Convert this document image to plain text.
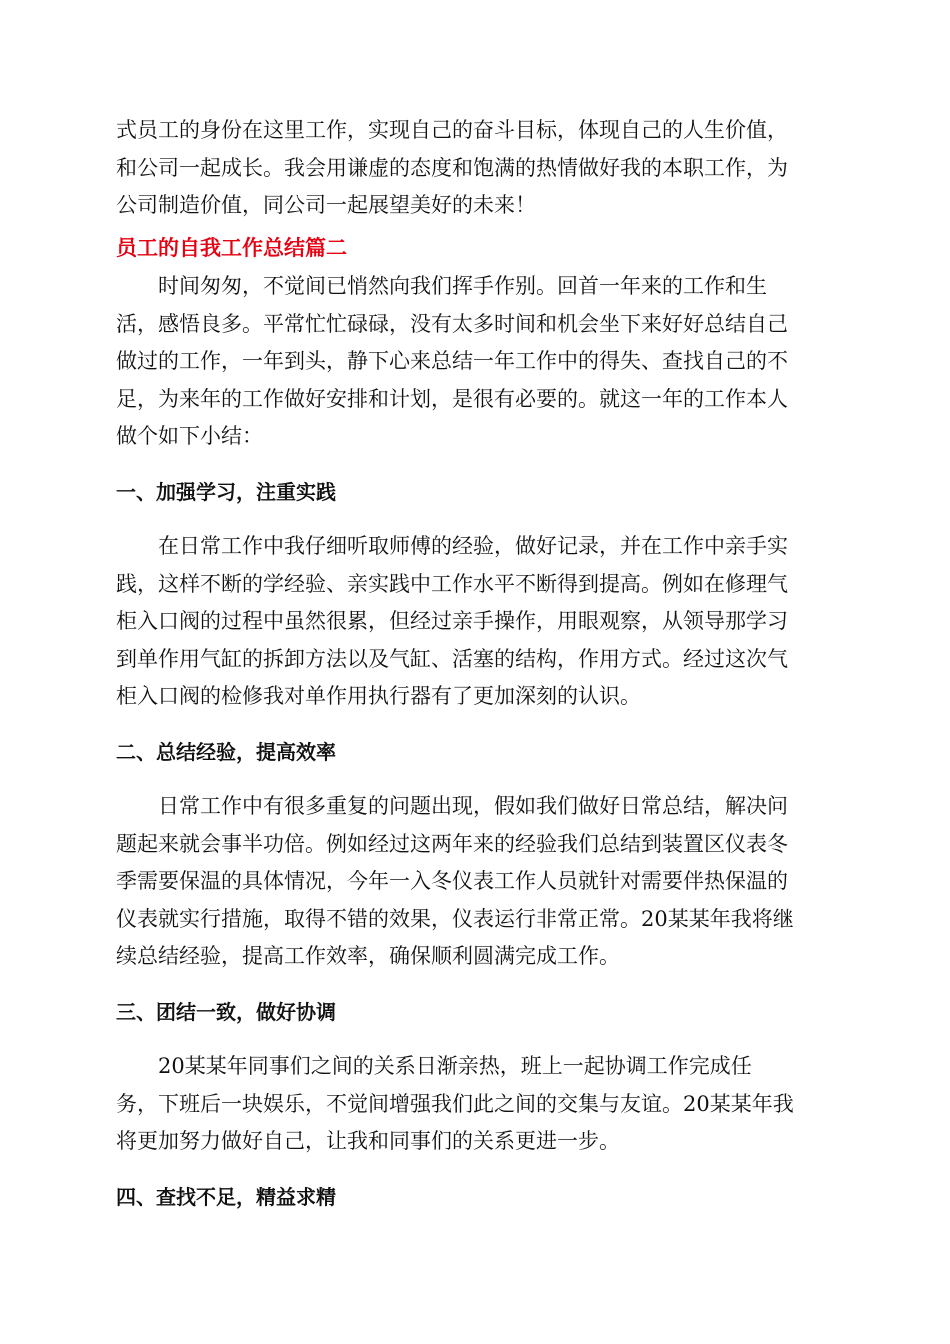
式员工的身份在这里工作，实现自己的奋斗目标，体现自己的人生价值，
和公司一起成长。我会用谦虚的态度和饱满的热情做好我的本职工作，为
公司制造价值，同公司一起展望美好的未来！
员工的自我工作总结篇二
时间匆匆，不觉间已悄然向我们挥手作别。回首一年来的工作和生
活，感悟良多。平常忙忙碌碌，没有太多时间和机会坐下来好好总结自己
做过的工作，一年到头，静下心来总结一年工作中的得失、查找自己的不
足，为来年的工作做好安排和计划，是很有必要的。就这一年的工作本人
做个如下小结：
一、加强学习，注重实践
在日常工作中我仔细听取师傅的经验，做好记录，并在工作中亲手实
践，这样不断的学经验、亲实践中工作水平不断得到提高。例如在修理气
柜入口阀的过程中虽然很累，但经过亲手操作，用眼观察，从领导那学习
到单作用气缸的拆卸方法以及气缸、活塞的结构，作用方式。经过这次气
柜入口阀的检修我对单作用执行器有了更加深刻的认识。
二、总结经验，提高效率
日常工作中有很多重复的问题出现，假如我们做好日常总结，解决问
题起来就会事半功倍。例如经过这两年来的经验我们总结到装置区仪表冬
季需要保温的具体情况，今年一入冬仪表工作人员就针对需要伴热保温的
仪表就实行措施，取得不错的效果，仪表运行非常正常。20某某年我将继
续总结经验，提高工作效率，确保顺利圆满完成工作。
三、团结一致，做好协调
20某某年同事们之间的关系日渐亲热，班上一起协调工作完成任
务，下班后一块娱乐，不觉间增强我们此之间的交集与友谊。20某某年我
将更加努力做好自己，让我和同事们的关系更进一步。
四、查找不足，精益求精
